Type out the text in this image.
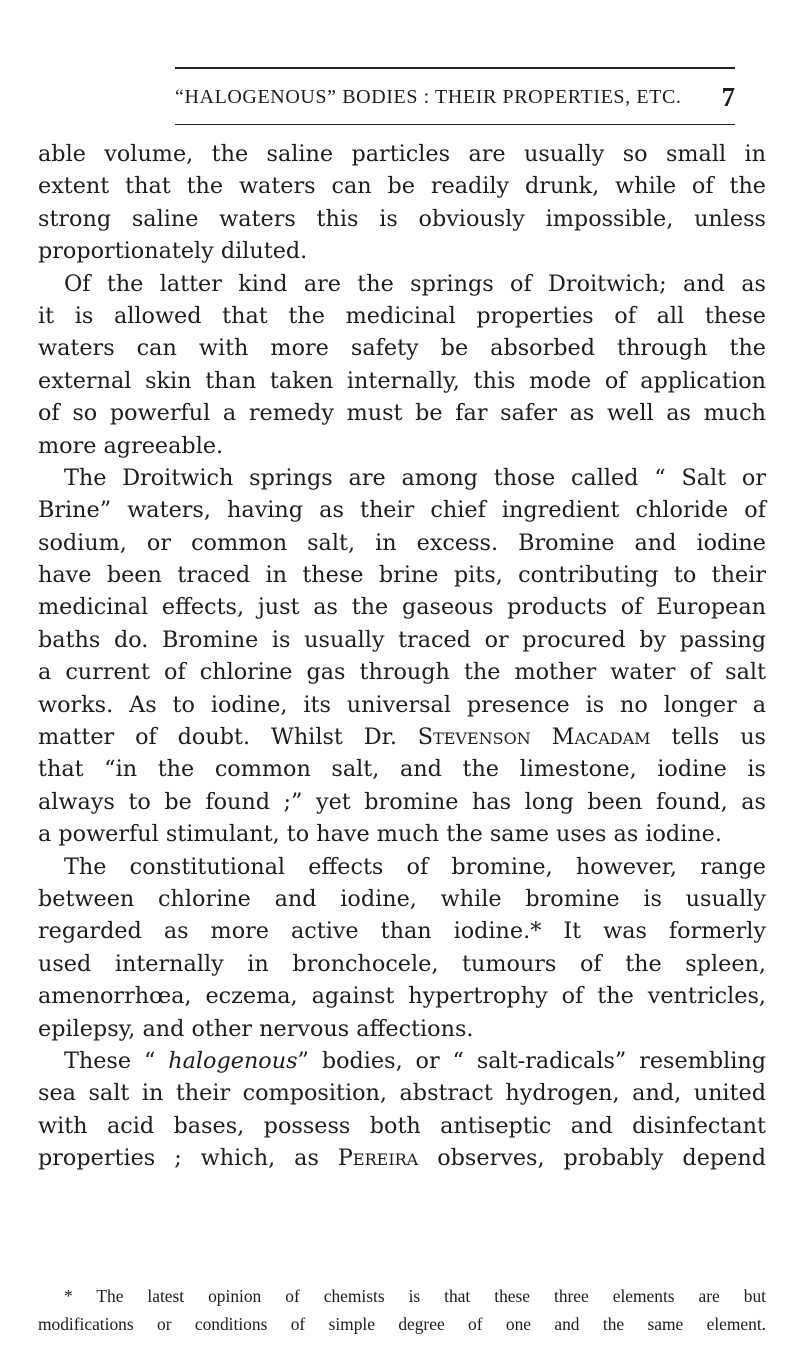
“HALOGENOUS” BODIES : THEIR PROPERTIES, ETC. 7
able volume, the saline particles are usually so small in
extent that the waters can be readily drunk, while of the
strong saline waters this is obviously impossible, unless
proportionately diluted.
Of the latter kind are the springs of Droitwich; and as
it is allowed that the medicinal properties of all these
waters can with more safety be absorbed through the
external skin than taken internally, this mode of application
of so powerful a remedy must be far safer as well as much
more agreeable.
The Droitwich springs are among those called “ Salt or
Brine” waters, having as their chief ingredient chloride of
sodium, or common salt, in excess. Bromine and iodine
have been traced in these brine pits, contributing to their
medicinal effects, just as the gaseous products of European
baths do. Bromine is usually traced or procured by passing
a current of chlorine gas through the mother water of salt
works. As to iodine, its universal presence is no longer a
matter of doubt. Whilst Dr. Stevenson Macadam tells us
that “in the common salt, and the limestone, iodine is
always to be found ;” yet bromine has long been found, as
a powerful stimulant, to have much the same uses as iodine.
The constitutional effects of bromine, however, range
between chlorine and iodine, while bromine is usually
regarded as more active than iodine.* It was formerly
used internally in bronchocele, tumours of the spleen,
amenorrhœa, eczema, against hypertrophy of the ventricles,
epilepsy, and other nervous affections.
These “ halogenous” bodies, or “ salt-radicals” resembling
sea salt in their composition, abstract hydrogen, and, united
with acid bases, possess both antiseptic and disinfectant
properties ; which, as Pereira observes, probably depend
* The latest opinion of chemists is that these three elements are but
modifications or conditions of simple degree of one and the same element.
